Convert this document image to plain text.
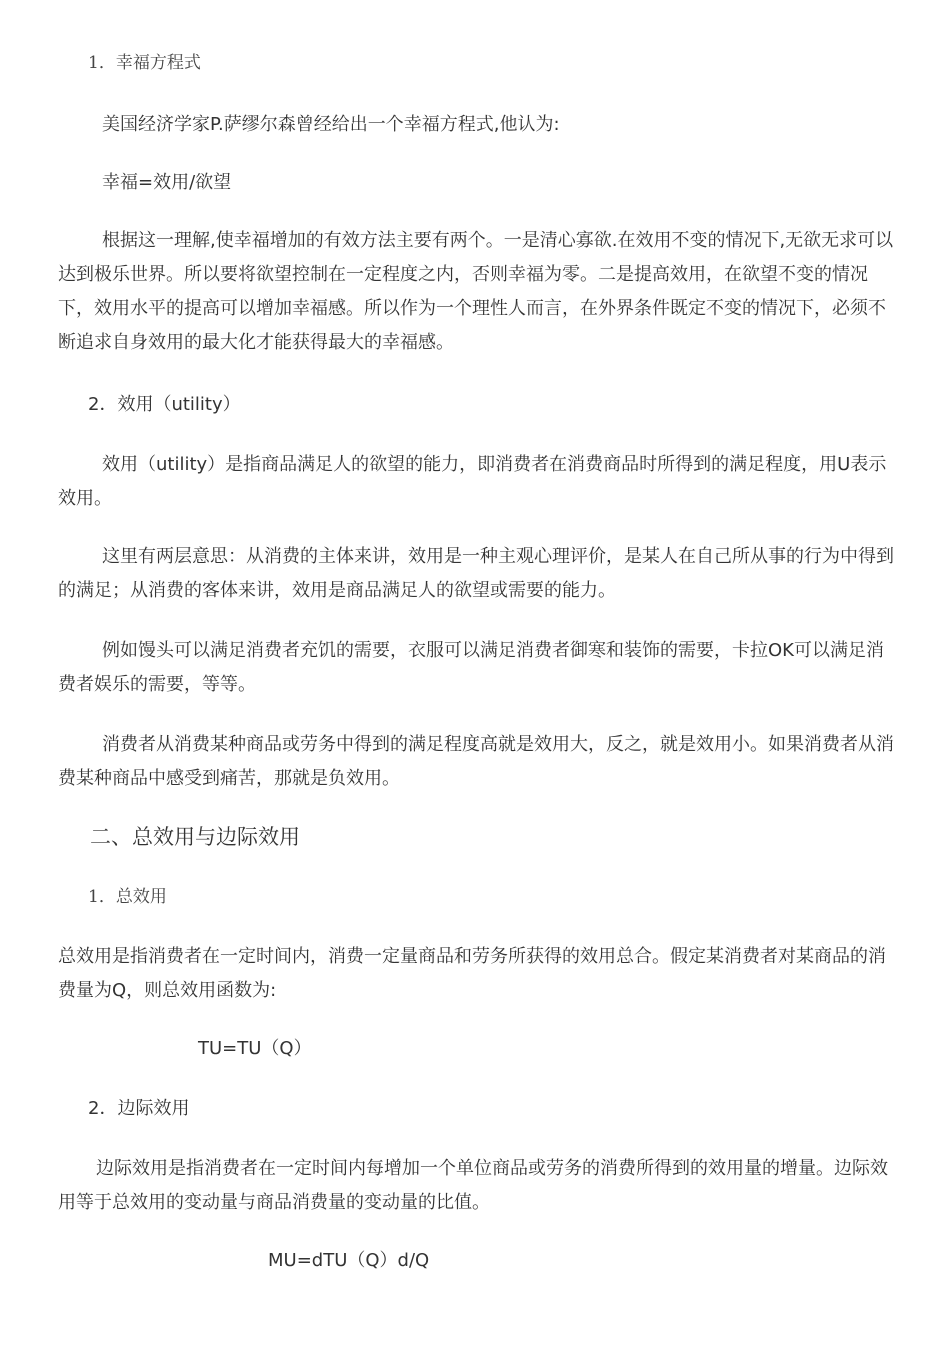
1．幸福方程式

美国经济学家P.萨缪尔森曾经给出一个幸福方程式,他认为:

幸福=效用/欲望

根据这一理解,使幸福增加的有效方法主要有两个。一是清心寡欲.在效用不变的情况下,无欲无求可以达到极乐世界。所以要将欲望控制在一定程度之内，否则幸福为零。二是提高效用，在欲望不变的情况下，效用水平的提高可以增加幸福感。所以作为一个理性人而言，在外界条件既定不变的情况下，必须不断追求自身效用的最大化才能获得最大的幸福感。

2．效用（utility）

效用（utility）是指商品满足人的欲望的能力，即消费者在消费商品时所得到的满足程度，用U表示效用。

这里有两层意思：从消费的主体来讲，效用是一种主观心理评价，是某人在自己所从事的行为中得到的满足；从消费的客体来讲，效用是商品满足人的欲望或需要的能力。

例如馒头可以满足消费者充饥的需要，衣服可以满足消费者御寒和装饰的需要，卡拉OK可以满足消费者娱乐的需要，等等。

消费者从消费某种商品或劳务中得到的满足程度高就是效用大，反之，就是效用小。如果消费者从消费某种商品中感受到痛苦，那就是负效用。

二、总效用与边际效用

1．总效用

总效用是指消费者在一定时间内，消费一定量商品和劳务所获得的效用总合。假定某消费者对某商品的消费量为Q，则总效用函数为:

TU=TU（Q）

2．边际效用

边际效用是指消费者在一定时间内每增加一个单位商品或劳务的消费所得到的效用量的增量。边际效用等于总效用的变动量与商品消费量的变动量的比值。

MU=dTU（Q）d/Q
